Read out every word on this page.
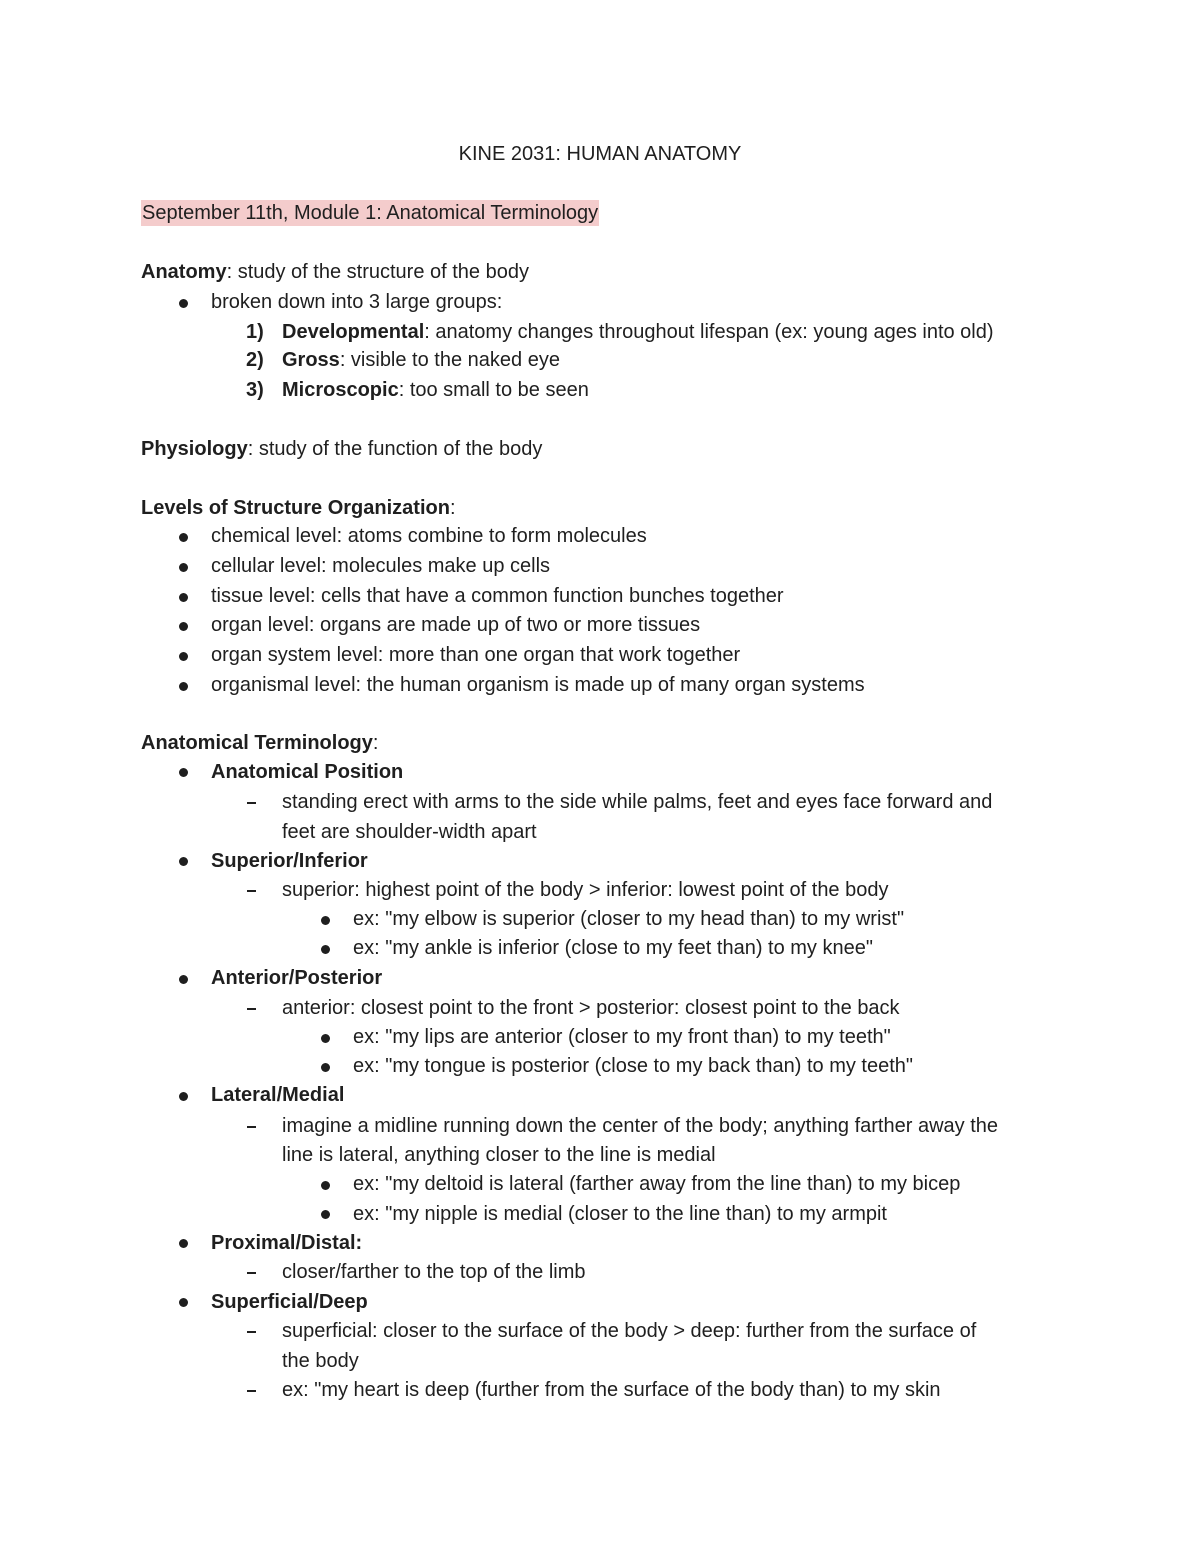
KINE 2031: HUMAN ANATOMY
September 11th, Module 1: Anatomical Terminology
Anatomy: study of the structure of the body
broken down into 3 large groups:
1) Developmental: anatomy changes throughout lifespan (ex: young ages into old)
2) Gross: visible to the naked eye
3) Microscopic: too small to be seen
Physiology: study of the function of the body
Levels of Structure Organization:
chemical level: atoms combine to form molecules
cellular level: molecules make up cells
tissue level: cells that have a common function bunches together
organ level: organs are made up of two or more tissues
organ system level: more than one organ that work together
organismal level: the human organism is made up of many organ systems
Anatomical Terminology:
Anatomical Position
standing erect with arms to the side while palms, feet and eyes face forward and
feet are shoulder-width apart
Superior/Inferior
superior: highest point of the body > inferior: lowest point of the body
ex: "my elbow is superior (closer to my head than) to my wrist"
ex: "my ankle is inferior (close to my feet than) to my knee"
Anterior/Posterior
anterior: closest point to the front > posterior: closest point to the back
ex: "my lips are anterior (closer to my front than) to my teeth"
ex: "my tongue is posterior (close to my back than) to my teeth"
Lateral/Medial
imagine a midline running down the center of the body; anything farther away the
line is lateral, anything closer to the line is medial
ex: "my deltoid is lateral (farther away from the line than) to my bicep
ex: "my nipple is medial (closer to the line than) to my armpit
Proximal/Distal:
closer/farther to the top of the limb
Superficial/Deep
superficial: closer to the surface of the body > deep: further from the surface of
the body
ex: "my heart is deep (further from the surface of the body than) to my skin
